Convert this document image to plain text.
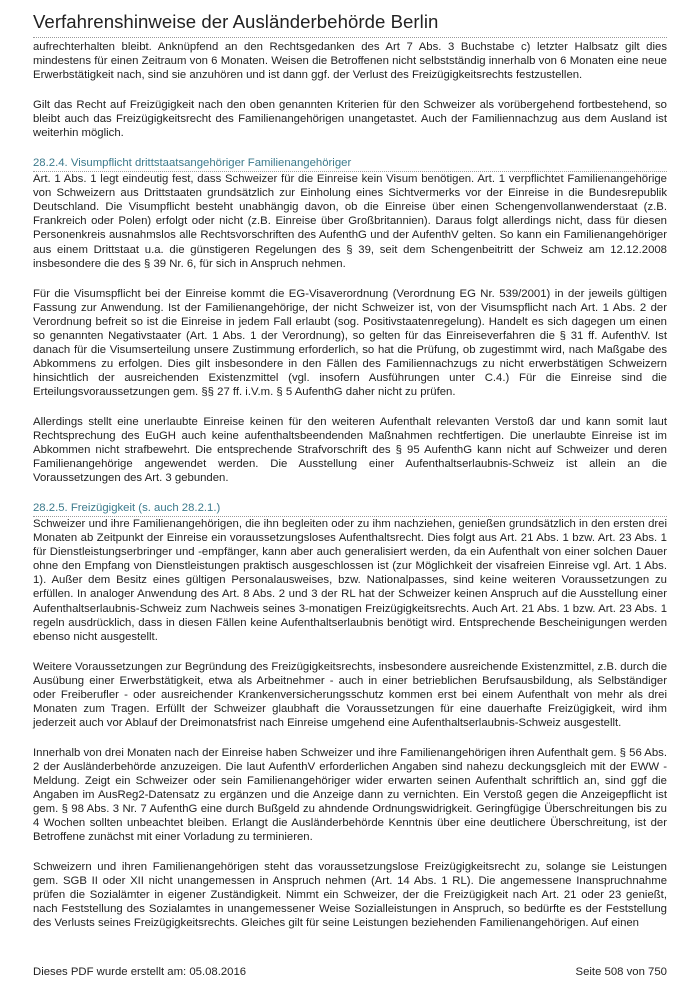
Verfahrenshinweise der Ausländerbehörde Berlin

aufrechterhalten bleibt. Anknüpfend an den Rechtsgedanken des Art 7 Abs. 3 Buchstabe c) letzter Halbsatz gilt dies mindestens für einen Zeitraum von 6 Monaten. Weisen die Betroffenen nicht selbstständig innerhalb von 6 Monaten eine neue Erwerbstätigkeit nach, sind sie anzuhören und ist dann ggf. der Verlust des Freizügigkeitsrechts festzustellen.

Gilt das Recht auf Freizügigkeit nach den oben genannten Kriterien für den Schweizer als vorübergehend fortbestehend, so bleibt auch das Freizügigkeitsrecht des Familienangehörigen unangetastet. Auch der Familiennachzug aus dem Ausland ist weiterhin möglich.

28.2.4. Visumpflicht drittstaatsangehöriger Familienangehöriger

Art. 1 Abs. 1 legt eindeutig fest, dass Schweizer für die Einreise kein Visum benötigen. Art. 1 verpflichtet Familienangehörige von Schweizern aus Drittstaaten grundsätzlich zur Einholung eines Sichtvermerks vor der Einreise in die Bundesrepublik Deutschland. Die Visumpflicht besteht unabhängig davon, ob die Einreise über einen Schengenvollanwenderstaat (z.B. Frankreich oder Polen) erfolgt oder nicht (z.B. Einreise über Großbritannien). Daraus folgt allerdings nicht, dass für diesen Personenkreis ausnahmslos alle Rechtsvorschriften des AufenthG und der AufenthV gelten. So kann ein Familienangehöriger aus einem Drittstaat u.a. die günstigeren Regelungen des § 39, seit dem Schengenbeitritt der Schweiz am 12.12.2008 insbesondere die des § 39 Nr. 6, für sich in Anspruch nehmen.

Für die Visumspflicht bei der Einreise kommt die EG-Visaverordnung (Verordnung EG Nr. 539/2001) in der jeweils gültigen Fassung zur Anwendung. Ist der Familienangehörige, der nicht Schweizer ist, von der Visumspflicht nach Art. 1 Abs. 2 der Verordnung befreit so ist die Einreise in jedem Fall erlaubt (sog. Positivstaatenregelung). Handelt es sich dagegen um einen so genannten Negativstaater (Art. 1 Abs. 1 der Verordnung), so gelten für das Einreiseverfahren die § 31 ff. AufenthV. Ist danach für die Visumserteilung unsere Zustimmung erforderlich, so hat die Prüfung, ob zugestimmt wird, nach Maßgabe des Abkommens zu erfolgen. Dies gilt insbesondere in den Fällen des Familiennachzugs zu nicht erwerbstätigen Schweizern hinsichtlich der ausreichenden Existenzmittel (vgl. insofern Ausführungen unter C.4.) Für die Einreise sind die Erteilungsvoraussetzungen gem. §§ 27 ff. i.V.m. § 5 AufenthG daher nicht zu prüfen.

Allerdings stellt eine unerlaubte Einreise keinen für den weiteren Aufenthalt relevanten Verstoß dar und kann somit laut Rechtsprechung des EuGH auch keine aufenthaltsbeendenden Maßnahmen rechtfertigen. Die unerlaubte Einreise ist im Abkommen nicht strafbewehrt. Die entsprechende Strafvorschrift des § 95 AufenthG kann nicht auf Schweizer und deren Familienangehörige angewendet werden. Die Ausstellung einer Aufenthaltserlaubnis-Schweiz ist allein an die Voraussetzungen des Art. 3 gebunden.

28.2.5. Freizügigkeit (s. auch 28.2.1.)

Schweizer und ihre Familienangehörigen, die ihn begleiten oder zu ihm nachziehen, genießen grundsätzlich in den ersten drei Monaten ab Zeitpunkt der Einreise ein voraussetzungsloses Aufenthaltsrecht. Dies folgt aus Art. 21 Abs. 1 bzw. Art. 23 Abs. 1 für Dienstleistungserbringer und -empfänger, kann aber auch generalisiert werden, da ein Aufenthalt von einer solchen Dauer ohne den Empfang von Dienstleistungen praktisch ausgeschlossen ist (zur Möglichkeit der visafreien Einreise vgl. Art. 1 Abs. 1). Außer dem Besitz eines gültigen Personalausweises, bzw. Nationalpasses, sind keine weiteren Voraussetzungen zu erfüllen. In analoger Anwendung des Art. 8 Abs. 2 und 3 der RL hat der Schweizer keinen Anspruch auf die Ausstellung einer Aufenthaltserlaubnis-Schweiz zum Nachweis seines 3-monatigen Freizügigkeitsrechts. Auch Art. 21 Abs. 1 bzw. Art. 23 Abs. 1 regeln ausdrücklich, dass in diesen Fällen keine Aufenthaltserlaubnis benötigt wird. Entsprechende Bescheinigungen werden ebenso nicht ausgestellt.

Weitere Voraussetzungen zur Begründung des Freizügigkeitsrechts, insbesondere ausreichende Existenzmittel, z.B. durch die Ausübung einer Erwerbstätigkeit, etwa als Arbeitnehmer - auch in einer betrieblichen Berufsausbildung, als Selbständiger oder Freiberufler - oder ausreichender Krankenversicherungsschutz kommen erst bei einem Aufenthalt von mehr als drei Monaten zum Tragen. Erfüllt der Schweizer glaubhaft die Voraussetzungen für eine dauerhafte Freizügigkeit, wird ihm jederzeit auch vor Ablauf der Dreimonatsfrist nach Einreise umgehend eine Aufenthaltserlaubnis-Schweiz ausgestellt.

Innerhalb von drei Monaten nach der Einreise haben Schweizer und ihre Familienangehörigen ihren Aufenthalt gem. § 56 Abs. 2 der Ausländerbehörde anzuzeigen. Die laut AufenthV erforderlichen Angaben sind nahezu deckungsgleich mit der EWW - Meldung. Zeigt ein Schweizer oder sein Familienangehöriger wider erwarten seinen Aufenthalt schriftlich an, sind ggf die Angaben im AusReg2-Datensatz zu ergänzen und die Anzeige dann zu vernichten. Ein Verstoß gegen die Anzeigepflicht ist gem. § 98 Abs. 3 Nr. 7 AufenthG eine durch Bußgeld zu ahndende Ordnungswidrigkeit. Geringfügige Überschreitungen bis zu 4 Wochen sollten unbeachtet bleiben. Erlangt die Ausländerbehörde Kenntnis über eine deutlichere Überschreitung, ist der Betroffene zunächst mit einer Vorladung zu terminieren.

Schweizern und ihren Familienangehörigen steht das voraussetzungslose Freizügigkeitsrecht zu, solange sie Leistungen gem. SGB II oder XII nicht unangemessen in Anspruch nehmen (Art. 14 Abs. 1 RL). Die angemessene Inanspruchnahme prüfen die Sozialämter in eigener Zuständigkeit. Nimmt ein Schweizer, der die Freizügigkeit nach Art. 21 oder 23 genießt, nach Feststellung des Sozialamtes in unangemessener Weise Sozialleistungen in Anspruch, so bedürfte es der Feststellung des Verlusts seines Freizügigkeitsrechts. Gleiches gilt für seine Leistungen beziehenden Familienangehörigen. Auf einen

Dieses PDF wurde erstellt am: 05.08.2016	Seite 508 von 750
